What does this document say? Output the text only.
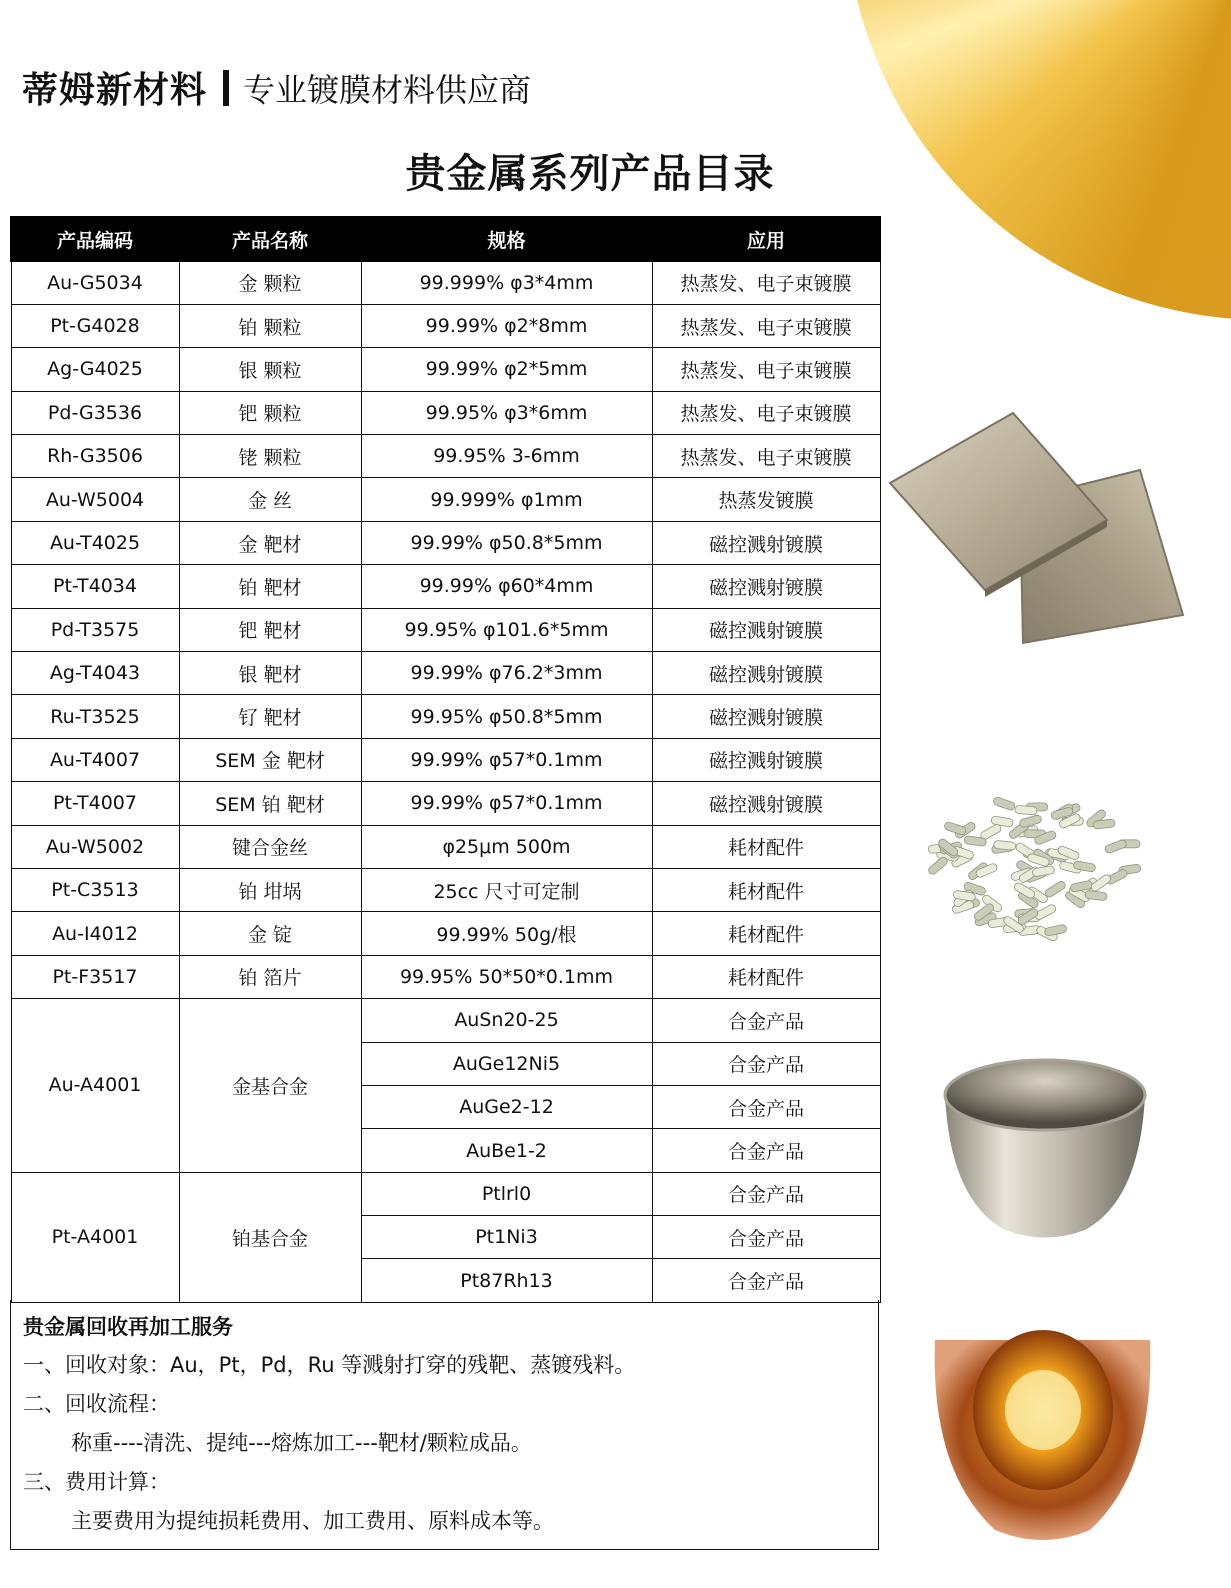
蒂姆新材料 专业镀膜材料供应商
贵金属系列产品目录
产品编码	产品名称	规格	应用
Au-G5034	金 颗粒	99.999% φ3*4mm	热蒸发、电子束镀膜
Pt-G4028	铂 颗粒	99.99% φ2*8mm	热蒸发、电子束镀膜
Ag-G4025	银 颗粒	99.99% φ2*5mm	热蒸发、电子束镀膜
Pd-G3536	钯 颗粒	99.95% φ3*6mm	热蒸发、电子束镀膜
Rh-G3506	铑 颗粒	99.95% 3-6mm	热蒸发、电子束镀膜
Au-W5004	金 丝	99.999% φ1mm	热蒸发镀膜
Au-T4025	金 靶材	99.99% φ50.8*5mm	磁控溅射镀膜
Pt-T4034	铂 靶材	99.99% φ60*4mm	磁控溅射镀膜
Pd-T3575	钯 靶材	99.95% φ101.6*5mm	磁控溅射镀膜
Ag-T4043	银 靶材	99.99% φ76.2*3mm	磁控溅射镀膜
Ru-T3525	钌 靶材	99.95% φ50.8*5mm	磁控溅射镀膜
Au-T4007	SEM 金 靶材	99.99% φ57*0.1mm	磁控溅射镀膜
Pt-T4007	SEM 铂 靶材	99.99% φ57*0.1mm	磁控溅射镀膜
Au-W5002	键合金丝	φ25μm 500m	耗材配件
Pt-C3513	铂 坩埚	25cc 尺寸可定制	耗材配件
Au-I4012	金 锭	99.99% 50g/根	耗材配件
Pt-F3517	铂 箔片	99.95% 50*50*0.1mm	耗材配件
Au-A4001	金基合金	AuSn20-25	合金产品
		AuGe12Ni5	合金产品
		AuGe2-12	合金产品
		AuBe1-2	合金产品
Pt-A4001	铂基合金	Ptlrl0	合金产品
		Pt1Ni3	合金产品
		Pt87Rh13	合金产品
贵金属回收再加工服务
一、回收对象：Au，Pt，Pd，Ru 等溅射打穿的残靶、蒸镀残料。
二、回收流程：
称重----清洗、提纯---熔炼加工---靶材/颗粒成品。
三、费用计算：
主要费用为提纯损耗费用、加工费用、原料成本等。
